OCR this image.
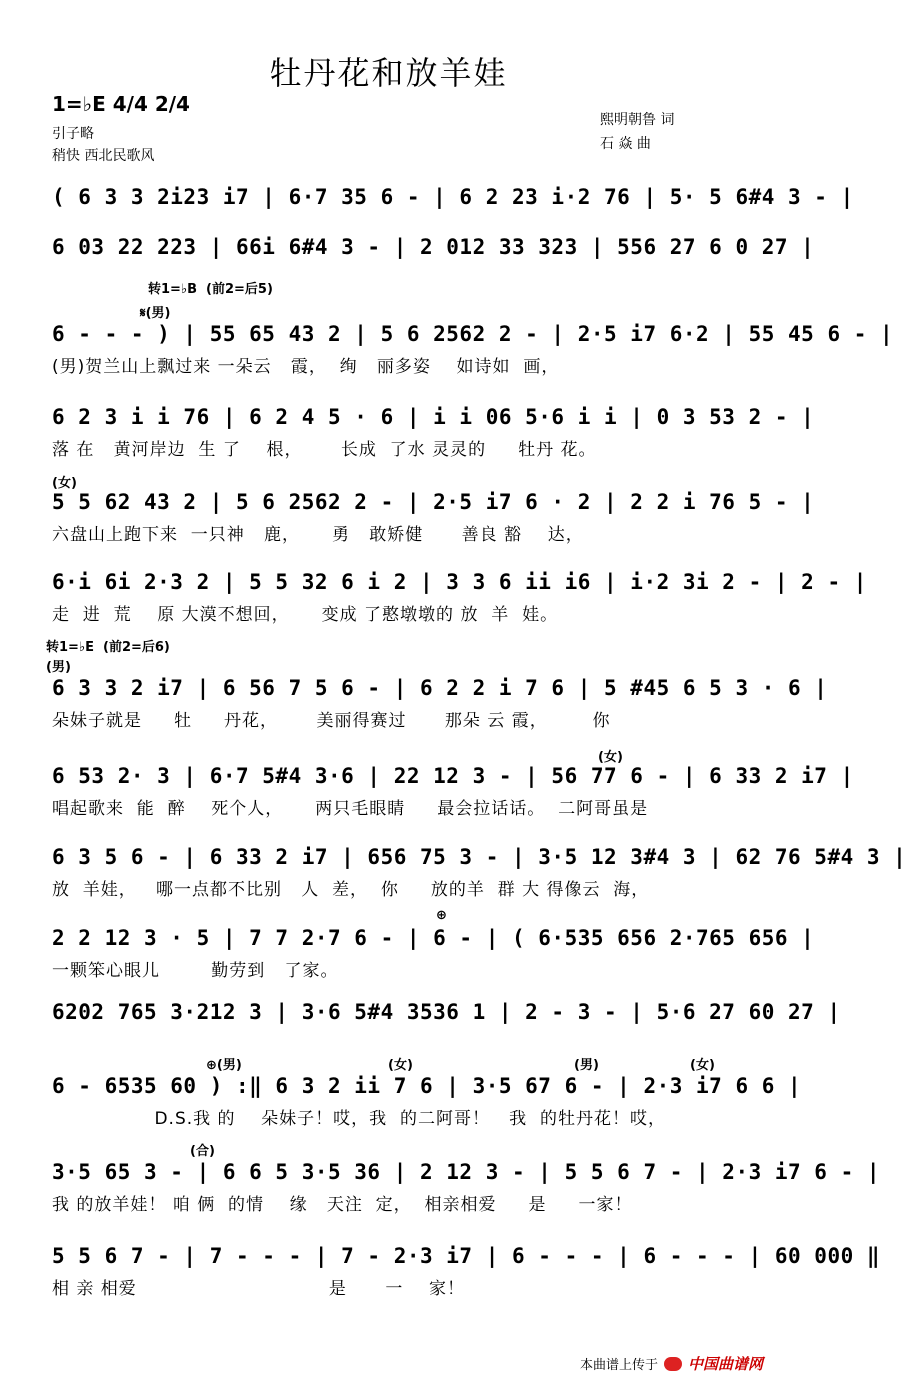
牡丹花和放羊娃
1=♭E 4/4 2/4
引子略
稍快 西北民歌风
熙明朝鲁 词
石 焱 曲
转1=♭B  (前2=后5)
𝄋(男)
(女)
转1=♭E  (前2=后6)
(男)
(女)
⊕
⊕(男)	(女)	(男)	(女)
(合)
( 6 3 3 2i23 i7 | 6·7 35 6 - | 6 2 23 i·2 76 | 5· 5 6#4 3 - |
6 03 22 223 | 66i 6#4 3 - | 2 012 33 323 | 556 27 6 0 27 |
6 - - - ) | 55 65 43 2 | 5 6 2562 2 - | 2·5 i7 6·2 | 55 45 6 - |
(男)贺兰山上飘过来 一朵云   霞，  绚   丽多姿    如诗如  画，
6 2 3 i i 76 | 6 2 4 5 · 6 | i i 06 5·6 i i | 0 3 53 2 - |
落 在   黄河岸边  生 了    根，      长成  了水 灵灵的     牡丹 花。
5 5 62 43 2 | 5 6 2562 2 - | 2·5 i7 6 · 2 | 2 2 i 76 5 - |
六盘山上跑下来  一只神   鹿，     勇   敢矫健      善良 豁    达，
6·i 6i 2·3 2 | 5 5 32 6 i 2 | 3 3 6 ii i6 | i·2 3i 2 - | 2 - |
走  进  荒    原 大漠不想回，     变成 了憨墩墩的 放  羊  娃。
6 3 3 2 i7 | 6 56 7 5 6 - | 6 2 2 i 7 6 | 5 #45 6 5 3 · 6 |
朵妹子就是     牡     丹花，      美丽得赛过      那朵 云 霞，       你
6 53 2· 3 | 6·7 5#4 3·6 | 22 12 3 - | 56 77 6 - | 6 33 2 i7 |
唱起歌来  能  醉    死个人，     两只毛眼睛     最会拉话话。  二阿哥虽是
6 3 5 6 - | 6 33 2 i7 | 656 75 3 - | 3·5 12 3#4 3 | 62 76 5#4 3 |
放  羊娃，   哪一点都不比别   人  差，  你     放的羊  群 大 得像云  海，
2 2 12 3 · 5 | 7 7 2·7 6 - | 6 - | ( 6·535 656 2·765 656 |
一颗笨心眼儿        勤劳到   了家。
6202 765 3·212 3 | 3·6 5#4 3536 1 | 2 - 3 - | 5·6 27 60 27 |
6 - 6535 60 ) :‖ 6 3 2 ii 7 6 | 3·5 67 6 - | 2·3 i7 6 6 |
D.S.我 的    朵妹子！哎，我  的二阿哥！   我  的牡丹花！哎，
3·5 65 3 - | 6 6 5 3·5 36 | 2 12 3 - | 5 5 6 7 - | 2·3 i7 6 - |
我 的放羊娃！ 咱 俩  的情    缘   天注  定，  相亲相爱     是     一家！
5 5 6 7 - | 7 - - - | 7 - 2·3 i7 | 6 - - - | 6 - - - | 60 000 ‖
相 亲 相爱                              是      一    家！
本曲谱上传于 中国曲谱网
